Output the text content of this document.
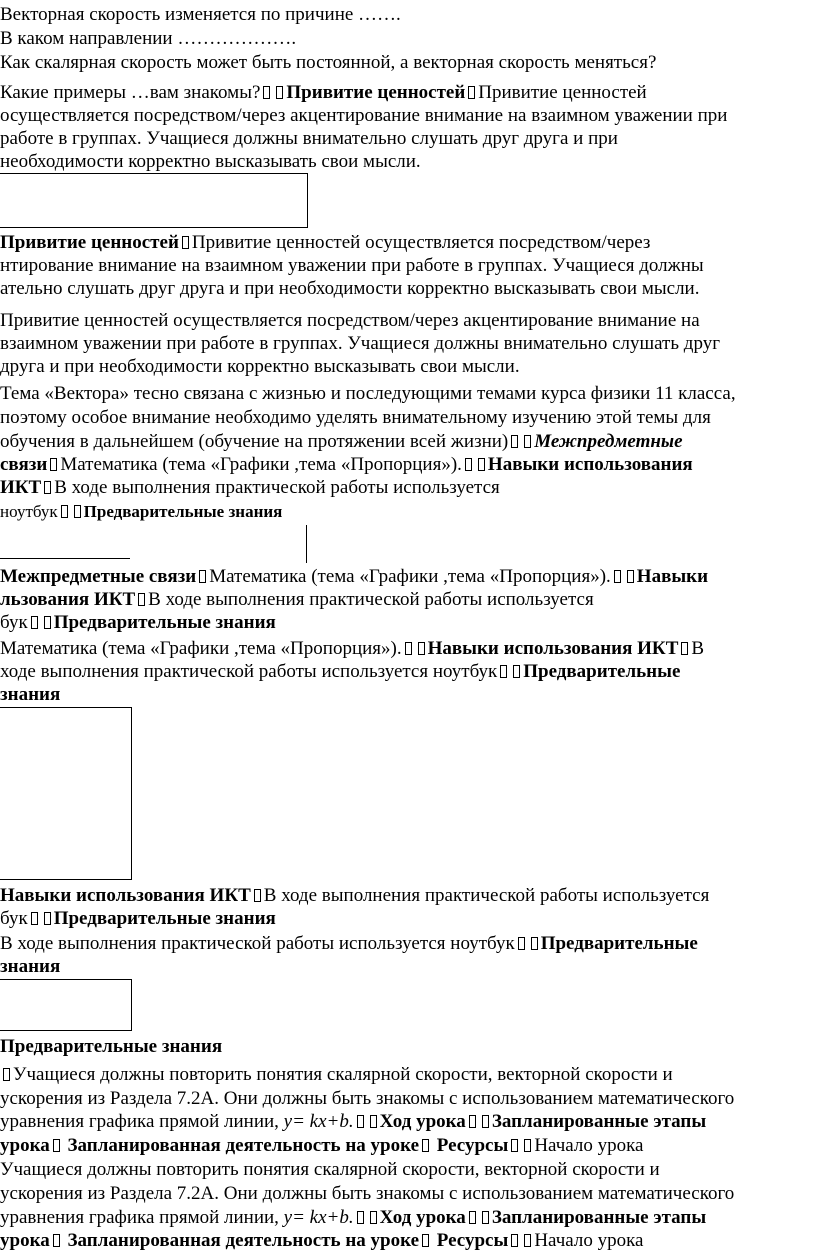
Векторная скорость изменяется по причине …….
В каком направлении ……………….
Как скалярная скорость может быть постоянной, а векторная скорость меняться?
Какие примеры …вам знакомы? Привитие ценностей Привитие ценностей
осуществляется посредством/через акцентирование внимание на взаимном уважении при
работе в группах. Учащиеся должны внимательно слушать друг друга и при
необходимости корректно высказывать свои мысли.
Привитие ценностей Привитие ценностей осуществляется посредством/через
нтирование внимание на взаимном уважении при работе в группах. Учащиеся должны
ательно слушать друг друга и при необходимости корректно высказывать свои мысли.
Привитие ценностей осуществляется посредством/через акцентирование внимание на
взаимном уважении при работе в группах. Учащиеся должны внимательно слушать друг
друга и при необходимости корректно высказывать свои мысли.
Тема «Вектора» тесно связана с жизнью и последующими темами курса физики 11 класса,
поэтому особое внимание необходимо уделять внимательному изучению этой темы для
обучения в дальнейшем (обучение на протяжении всей жизни) Межпредметные
связи Математика (тема «Графики ,тема «Пропорция»). Навыки использования
ИКТ В ходе выполнения практической работы используется
ноутбук Предварительные знания
Межпредметные связи Математика (тема «Графики ,тема «Пропорция»). Навыки
льзования ИКТ В ходе выполнения практической работы используется
бук Предварительные знания
Математика (тема «Графики ,тема «Пропорция»). Навыки использования ИКТ В
ходе выполнения практической работы используется ноутбук Предварительные
знания
Навыки использования ИКТ В ходе выполнения практической работы используется
бук Предварительные знания
В ходе выполнения практической работы используется ноутбук Предварительные
знания
Предварительные знания
Учащиеся должны повторить понятия скалярной скорости, векторной скорости и
ускорения из Раздела 7.2А. Они должны быть знакомы с использованием математического
уравнения графика прямой линии, y= kx+b. Ход урока Запланированные этапы
урока Запланированная деятельность на уроке Ресурсы Начало урока
Учащиеся должны повторить понятия скалярной скорости, векторной скорости и
ускорения из Раздела 7.2А. Они должны быть знакомы с использованием математического
уравнения графика прямой линии, y= kx+b. Ход урока Запланированные этапы
урока Запланированная деятельность на уроке Ресурсы Начало урока
